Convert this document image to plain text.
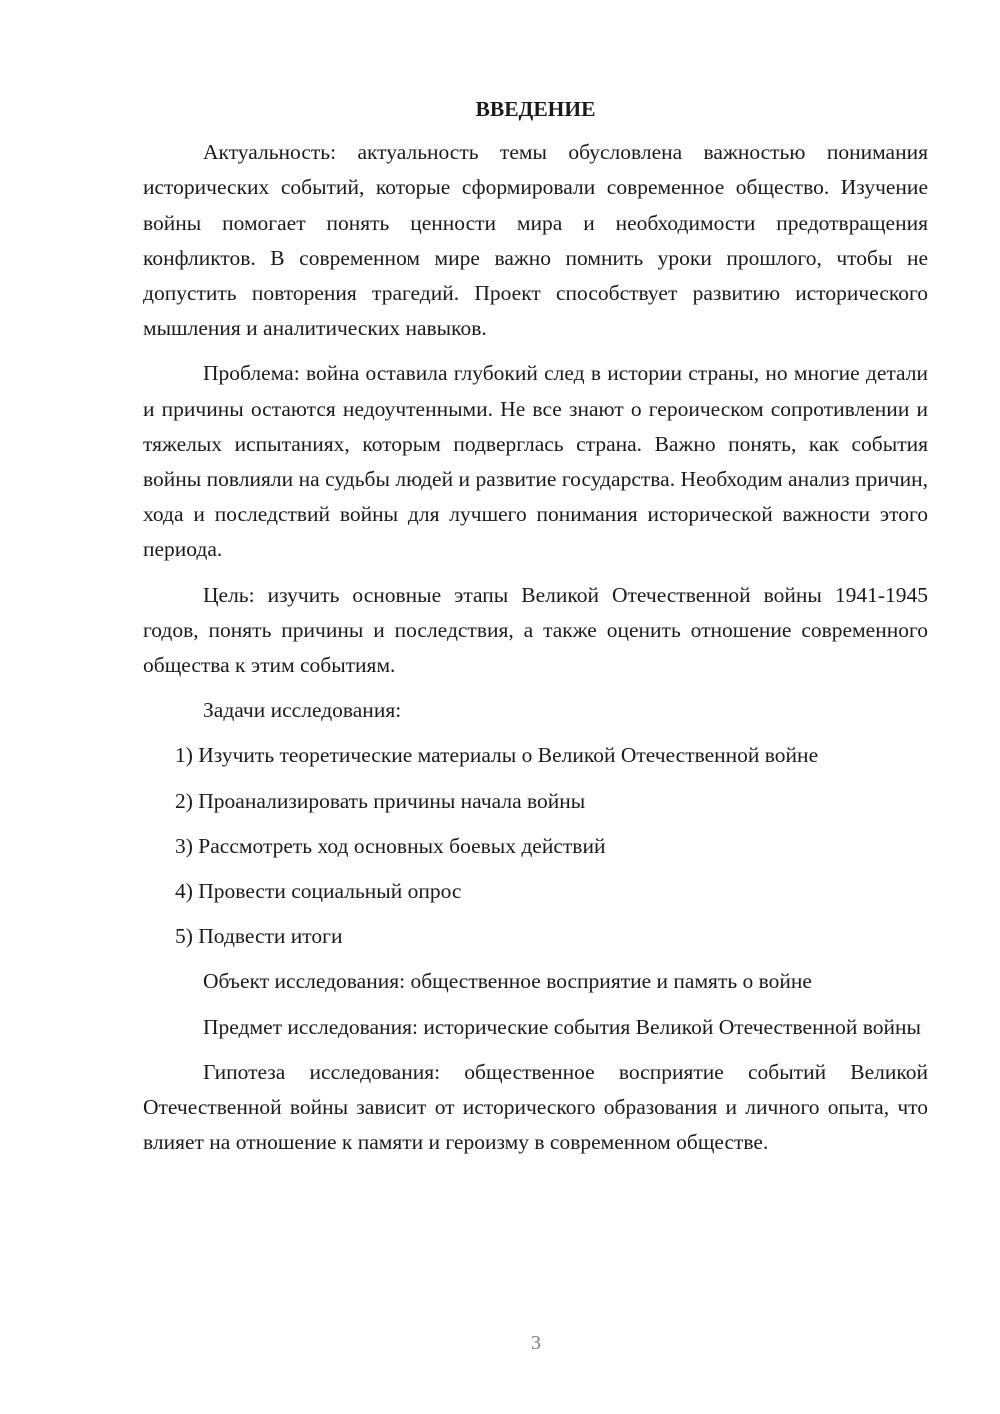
ВВЕДЕНИЕ

Актуальность: актуальность темы обусловлена важностью понимания исторических событий, которые сформировали современное общество. Изучение войны помогает понять ценности мира и необходимости предотвращения конфликтов. В современном мире важно помнить уроки прошлого, чтобы не допустить повторения трагедий. Проект способствует развитию исторического мышления и аналитических навыков.

Проблема: война оставила глубокий след в истории страны, но многие детали и причины остаются недоучтенными. Не все знают о героическом сопротивлении и тяжелых испытаниях, которым подверглась страна. Важно понять, как события войны повлияли на судьбы людей и развитие государства. Необходим анализ причин, хода и последствий войны для лучшего понимания исторической важности этого периода.

Цель: изучить основные этапы Великой Отечественной войны 1941-1945 годов, понять причины и последствия, а также оценить отношение современного общества к этим событиям.

Задачи исследования:

1) Изучить теоретические материалы о Великой Отечественной войне
2) Проанализировать причины начала войны
3) Рассмотреть ход основных боевых действий
4) Провести социальный опрос
5) Подвести итоги

Объект исследования: общественное восприятие и память о войне

Предмет исследования: исторические события Великой Отечественной войны

Гипотеза исследования: общественное восприятие событий Великой Отечественной войны зависит от исторического образования и личного опыта, что влияет на отношение к памяти и героизму в современном обществе.

3
